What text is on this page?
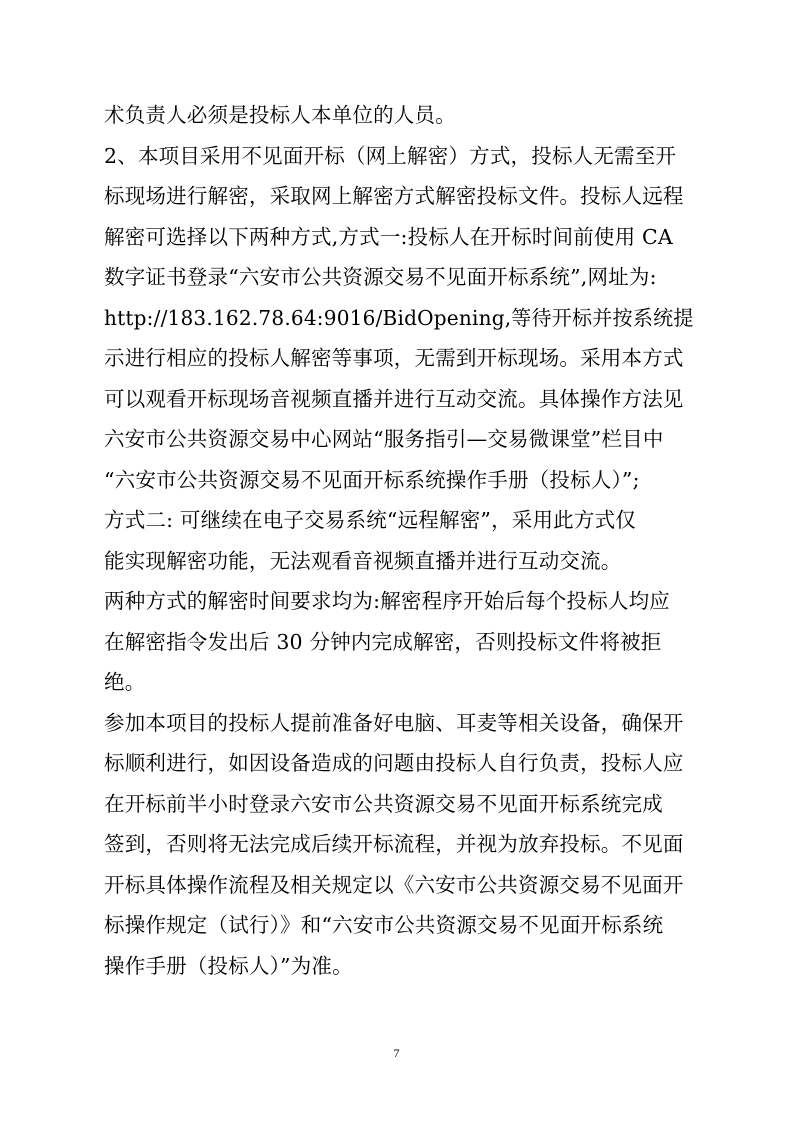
术负责人必须是投标人本单位的人员。
2、本项目采用不见面开标（网上解密）方式，投标人无需至开
标现场进行解密，采取网上解密方式解密投标文件。投标人远程
解密可选择以下两种方式,方式一:投标人在开标时间前使用 CA
数字证书登录“六安市公共资源交易不见面开标系统”,网址为:
http://183.162.78.64:9016/BidOpening,等待开标并按系统提
示进行相应的投标人解密等事项，无需到开标现场。采用本方式
可以观看开标现场音视频直播并进行互动交流。具体操作方法见
六安市公共资源交易中心网站“服务指引—交易微课堂”栏目中
“六安市公共资源交易不见面开标系统操作手册（投标人）”;
方式二: 可继续在电子交易系统“远程解密”，采用此方式仅
能实现解密功能，无法观看音视频直播并进行互动交流。
两种方式的解密时间要求均为:解密程序开始后每个投标人均应
在解密指令发出后 30 分钟内完成解密，否则投标文件将被拒
绝。
参加本项目的投标人提前准备好电脑、耳麦等相关设备，确保开
标顺利进行，如因设备造成的问题由投标人自行负责，投标人应
在开标前半小时登录六安市公共资源交易不见面开标系统完成
签到，否则将无法完成后续开标流程，并视为放弃投标。不见面
开标具体操作流程及相关规定以《六安市公共资源交易不见面开
标操作规定（试行）》和“六安市公共资源交易不见面开标系统
操作手册（投标人）”为准。
7
